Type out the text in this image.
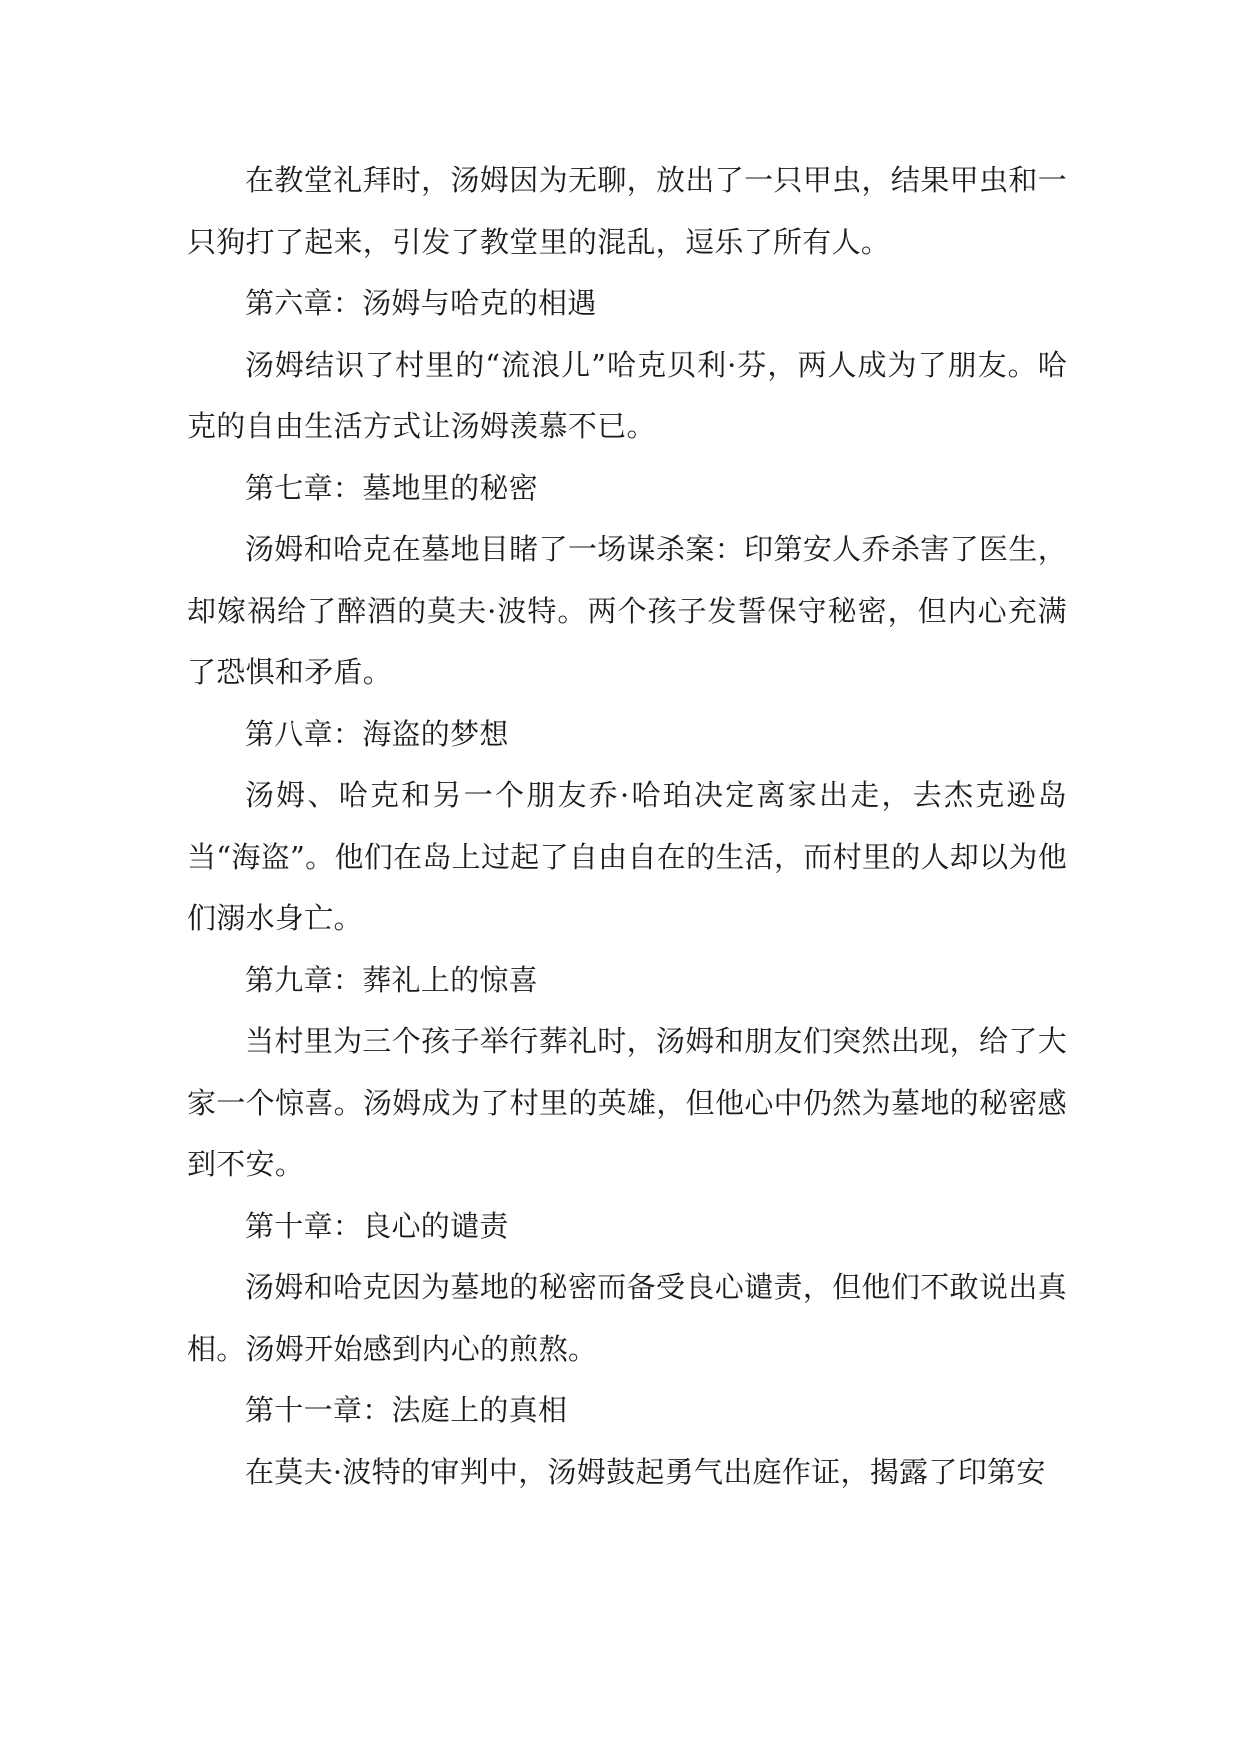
在教堂礼拜时，汤姆因为无聊，放出了一只甲虫，结果甲虫和一只狗打了起来，引发了教堂里的混乱，逗乐了所有人。

第六章：汤姆与哈克的相遇

汤姆结识了村里的“流浪儿”哈克贝利·芬，两人成为了朋友。哈克的自由生活方式让汤姆羡慕不已。

第七章：墓地里的秘密

汤姆和哈克在墓地目睹了一场谋杀案：印第安人乔杀害了医生，却嫁祸给了醉酒的莫夫·波特。两个孩子发誓保守秘密，但内心充满了恐惧和矛盾。

第八章：海盗的梦想

汤姆、哈克和另一个朋友乔·哈珀决定离家出走，去杰克逊岛当“海盗”。他们在岛上过起了自由自在的生活，而村里的人却以为他们溺水身亡。

第九章：葬礼上的惊喜

当村里为三个孩子举行葬礼时，汤姆和朋友们突然出现，给了大家一个惊喜。汤姆成为了村里的英雄，但他心中仍然为墓地的秘密感到不安。

第十章：良心的谴责

汤姆和哈克因为墓地的秘密而备受良心谴责，但他们不敢说出真相。汤姆开始感到内心的煎熬。

第十一章：法庭上的真相

在莫夫·波特的审判中，汤姆鼓起勇气出庭作证，揭露了印第安
